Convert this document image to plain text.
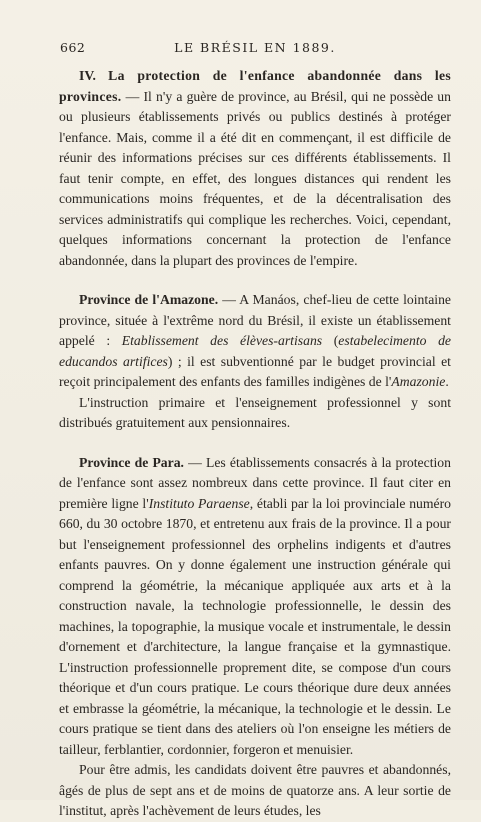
662	LE BRÉSIL EN 1889.

IV. La protection de l'enfance abandonnée dans les provinces. — Il n'y a guère de province, au Brésil, qui ne possède un ou plusieurs établissements privés ou publics destinés à protéger l'enfance. Mais, comme il a été dit en commençant, il est difficile de réunir des informations précises sur ces différents établissements. Il faut tenir compte, en effet, des longues distances qui rendent les communications moins fréquentes, et de la décentralisation des services administratifs qui complique les recherches. Voici, cependant, quelques informations concernant la protection de l'enfance abandonnée, dans la plupart des provinces de l'empire.

Province de l'Amazone. — A Manáos, chef-lieu de cette lointaine province, située à l'extrême nord du Brésil, il existe un établissement appelé : Etablissement des élèves-artisans (estabelecimento de educandos artifices) ; il est subventionné par le budget provincial et reçoit principalement des enfants des familles indigènes de l'Amazonie.

L'instruction primaire et l'enseignement professionnel y sont distribués gratuitement aux pensionnaires.

Province de Para. — Les établissements consacrés à la protection de l'enfance sont assez nombreux dans cette province. Il faut citer en première ligne l'Instituto Paraense, établi par la loi provinciale numéro 660, du 30 octobre 1870, et entretenu aux frais de la province. Il a pour but l'enseignement professionnel des orphelins indigents et d'autres enfants pauvres. On y donne également une instruction générale qui comprend la géométrie, la mécanique appliquée aux arts et à la construction navale, la technologie professionnelle, le dessin des machines, la topographie, la musique vocale et instrumentale, le dessin d'ornement et d'architecture, la langue française et la gymnastique. L'instruction professionnelle proprement dite, se compose d'un cours théorique et d'un cours pratique. Le cours théorique dure deux années et embrasse la géométrie, la mécanique, la technologie et le dessin. Le cours pratique se tient dans des ateliers où l'on enseigne les métiers de tailleur, ferblantier, cordonnier, forgeron et menuisier.

Pour être admis, les candidats doivent être pauvres et abandonnés, âgés de plus de sept ans et de moins de quatorze ans. A leur sortie de l'institut, après l'achèvement de leurs études, les
